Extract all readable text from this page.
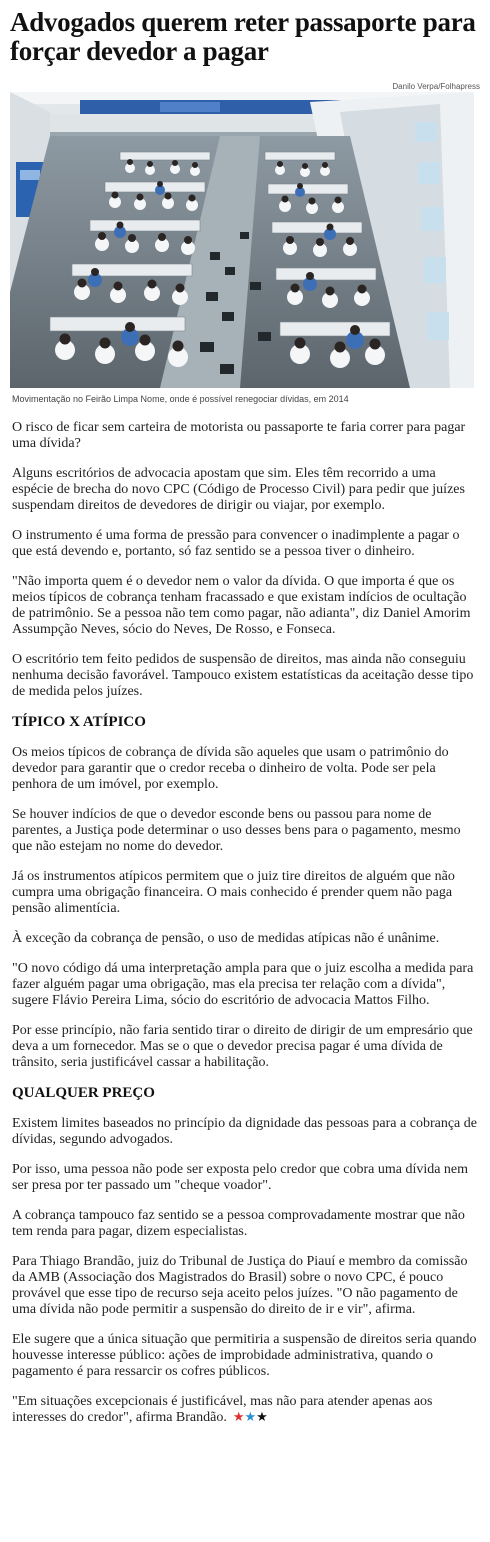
Advogados querem reter passaporte para forçar devedor a pagar
Danilo Verpa/Folhapress
Movimentação no Feirão Limpa Nome, onde é possível renegociar dívidas, em 2014

O risco de ficar sem carteira de motorista ou passaporte te faria correr para pagar uma dívida?

Alguns escritórios de advocacia apostam que sim. Eles têm recorrido a uma espécie de brecha do novo CPC (Código de Processo Civil) para pedir que juízes suspendam direitos de devedores de dirigir ou viajar, por exemplo.

O instrumento é uma forma de pressão para convencer o inadimplente a pagar o que está devendo e, portanto, só faz sentido se a pessoa tiver o dinheiro.

"Não importa quem é o devedor nem o valor da dívida. O que importa é que os meios típicos de cobrança tenham fracassado e que existam indícios de ocultação de patrimônio. Se a pessoa não tem como pagar, não adianta", diz Daniel Amorim Assumpção Neves, sócio do Neves, De Rosso, e Fonseca.

O escritório tem feito pedidos de suspensão de direitos, mas ainda não conseguiu nenhuma decisão favorável. Tampouco existem estatísticas da aceitação desse tipo de medida pelos juízes.

TÍPICO X ATÍPICO

Os meios típicos de cobrança de dívida são aqueles que usam o patrimônio do devedor para garantir que o credor receba o dinheiro de volta. Pode ser pela penhora de um imóvel, por exemplo.

Se houver indícios de que o devedor esconde bens ou passou para nome de parentes, a Justiça pode determinar o uso desses bens para o pagamento, mesmo que não estejam no nome do devedor.

Já os instrumentos atípicos permitem que o juiz tire direitos de alguém que não cumpra uma obrigação financeira. O mais conhecido é prender quem não paga pensão alimentícia.

À exceção da cobrança de pensão, o uso de medidas atípicas não é unânime.

"O novo código dá uma interpretação ampla para que o juiz escolha a medida para fazer alguém pagar uma obrigação, mas ela precisa ter relação com a dívida", sugere Flávio Pereira Lima, sócio do escritório de advocacia Mattos Filho.

Por esse princípio, não faria sentido tirar o direito de dirigir de um empresário que deva a um fornecedor. Mas se o que o devedor precisa pagar é uma dívida de trânsito, seria justificável cassar a habilitação.

QUALQUER PREÇO

Existem limites baseados no princípio da dignidade das pessoas para a cobrança de dívidas, segundo advogados.

Por isso, uma pessoa não pode ser exposta pelo credor que cobra uma dívida nem ser presa por ter passado um "cheque voador".

A cobrança tampouco faz sentido se a pessoa comprovadamente mostrar que não tem renda para pagar, dizem especialistas.

Para Thiago Brandão, juiz do Tribunal de Justiça do Piauí e membro da comissão da AMB (Associação dos Magistrados do Brasil) sobre o novo CPC, é pouco provável que esse tipo de recurso seja aceito pelos juízes. "O não pagamento de uma dívida não pode permitir a suspensão do direito de ir e vir", afirma.

Ele sugere que a única situação que permitiria a suspensão de direitos seria quando houvesse interesse público: ações de improbidade administrativa, quando o pagamento é para ressarcir os cofres públicos.

"Em situações excepcionais é justificável, mas não para atender apenas aos interesses do credor", afirma Brandão. ★★★
